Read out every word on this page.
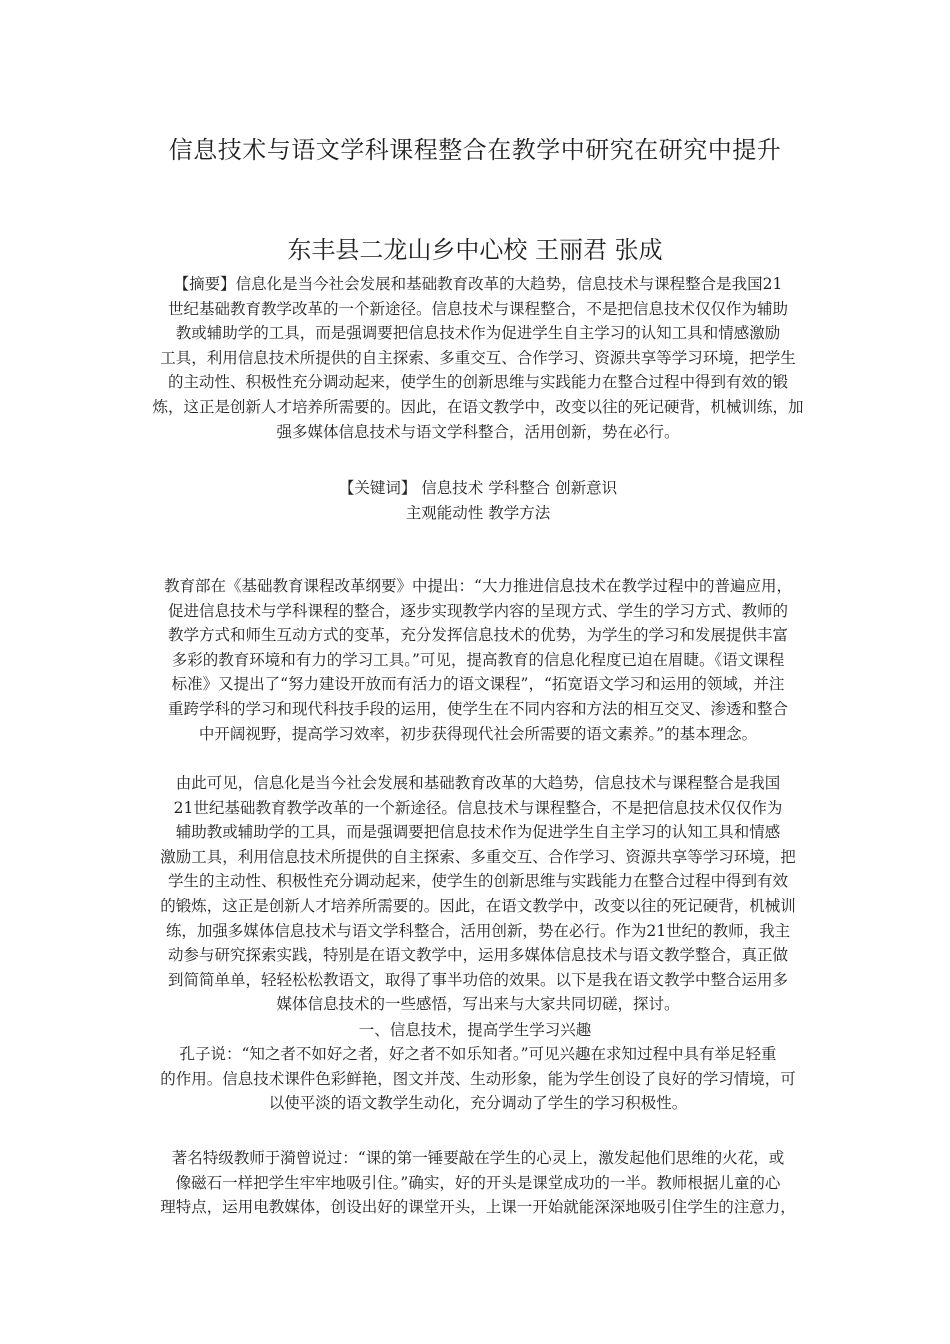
信息技术与语文学科课程整合在教学中研究在研究中提升
东丰县二龙山乡中心校 王丽君 张成
【摘要】信息化是当今社会发展和基础教育改革的大趋势，信息技术与课程整合是我国21
世纪基础教育教学改革的一个新途径。信息技术与课程整合，不是把信息技术仅仅作为辅助
教或辅助学的工具，而是强调要把信息技术作为促进学生自主学习的认知工具和情感激励
工具，利用信息技术所提供的自主探索、多重交互、合作学习、资源共享等学习环境，把学生
的主动性、积极性充分调动起来，使学生的创新思维与实践能力在整合过程中得到有效的锻
炼，这正是创新人才培养所需要的。因此，在语文教学中，改变以往的死记硬背，机械训练，加
强多媒体信息技术与语文学科整合，活用创新，势在必行。
【关键词】 信息技术 学科整合 创新意识
主观能动性 教学方法
教育部在《基础教育课程改革纲要》中提出：“大力推进信息技术在教学过程中的普遍应用，
促进信息技术与学科课程的整合，逐步实现教学内容的呈现方式、学生的学习方式、教师的
教学方式和师生互动方式的变革，充分发挥信息技术的优势，为学生的学习和发展提供丰富
多彩的教育环境和有力的学习工具。”可见，提高教育的信息化程度已迫在眉睫。《语文课程
标准》又提出了“努力建设开放而有活力的语文课程”，“拓宽语文学习和运用的领域，并注
重跨学科的学习和现代科技手段的运用，使学生在不同内容和方法的相互交叉、渗透和整合
中开阔视野，提高学习效率，初步获得现代社会所需要的语文素养。”的基本理念。
由此可见，信息化是当今社会发展和基础教育改革的大趋势，信息技术与课程整合是我国
21世纪基础教育教学改革的一个新途径。信息技术与课程整合，不是把信息技术仅仅作为
辅助教或辅助学的工具，而是强调要把信息技术作为促进学生自主学习的认知工具和情感
激励工具，利用信息技术所提供的自主探索、多重交互、合作学习、资源共享等学习环境，把
学生的主动性、积极性充分调动起来，使学生的创新思维与实践能力在整合过程中得到有效
的锻炼，这正是创新人才培养所需要的。因此，在语文教学中，改变以往的死记硬背，机械训
练，加强多媒体信息技术与语文学科整合，活用创新，势在必行。作为21世纪的教师，我主
动参与研究探索实践，特别是在语文教学中，运用多媒体信息技术与语文教学整合，真正做
到简简单单，轻轻松松教语文，取得了事半功倍的效果。以下是我在语文教学中整合运用多
媒体信息技术的一些感悟，写出来与大家共同切磋，探讨。
一、信息技术，提高学生学习兴趣
孔子说：“知之者不如好之者，好之者不如乐知者。”可见兴趣在求知过程中具有举足轻重
的作用。信息技术课件色彩鲜艳，图文并茂、生动形象，能为学生创设了良好的学习情境，可
以使平淡的语文教学生动化，充分调动了学生的学习积极性。
著名特级教师于漪曾说过：“课的第一锤要敲在学生的心灵上，激发起他们思维的火花，或
像磁石一样把学生牢牢地吸引住。”确实，好的开头是课堂成功的一半。教师根据儿童的心
理特点，运用电教媒体，创设出好的课堂开头，上课一开始就能深深地吸引住学生的注意力，
